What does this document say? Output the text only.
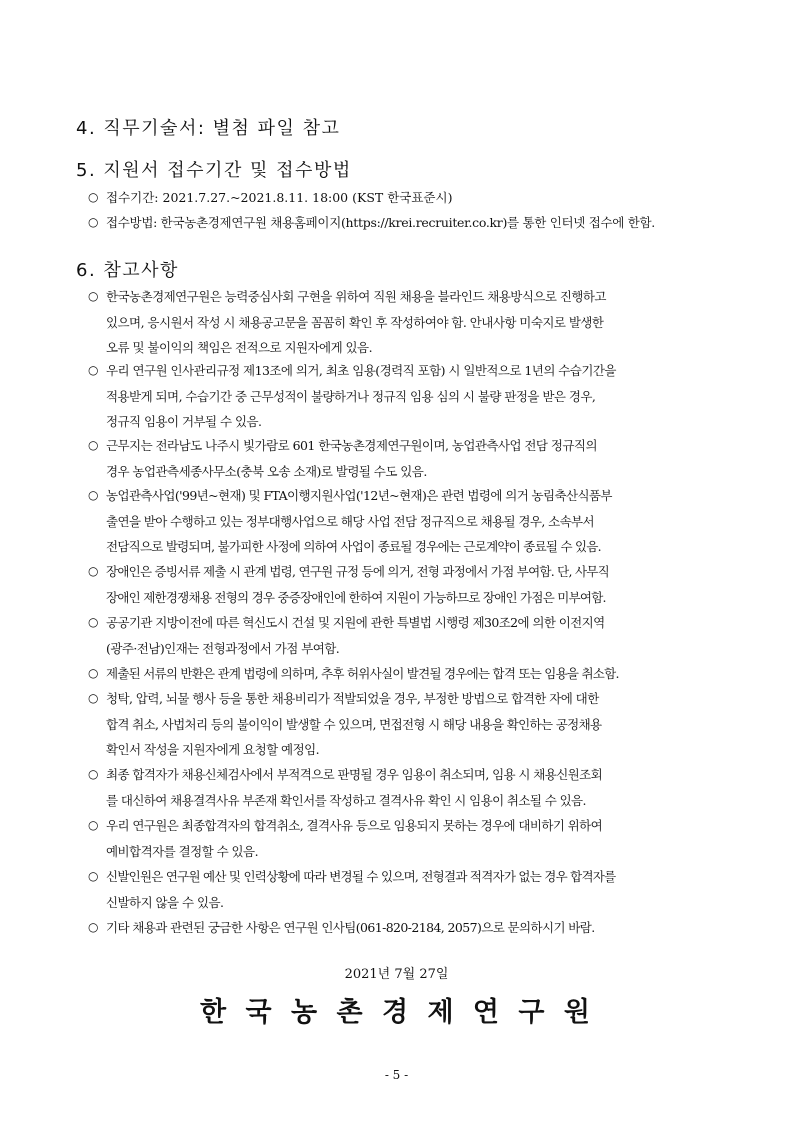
4. 직무기술서: 별첨 파일 참고
5. 지원서 접수기간 및 접수방법
○ 접수기간: 2021.7.27.~2021.8.11. 18:00 (KST 한국표준시)
○ 접수방법: 한국농촌경제연구원 채용홈페이지(https://krei.recruiter.co.kr)를 통한 인터넷 접수에 한함.
6. 참고사항
○ 한국농촌경제연구원은 능력중심사회 구현을 위하여 직원 채용을 블라인드 채용방식으로 진행하고
있으며, 응시원서 작성 시 채용공고문을 꼼꼼히 확인 후 작성하여야 함. 안내사항 미숙지로 발생한
오류 및 불이익의 책임은 전적으로 지원자에게 있음.
○ 우리 연구원 인사관리규정 제13조에 의거, 최초 임용(경력직 포함) 시 일반적으로 1년의 수습기간을
적용받게 되며, 수습기간 중 근무성적이 불량하거나 정규직 임용 심의 시 불량 판정을 받은 경우,
정규직 임용이 거부될 수 있음.
○ 근무지는 전라남도 나주시 빛가람로 601 한국농촌경제연구원이며, 농업관측사업 전담 정규직의
경우 농업관측세종사무소(충북 오송 소재)로 발령될 수도 있음.
○ 농업관측사업('99년~현재) 및 FTA이행지원사업('12년~현재)은 관련 법령에 의거 농림축산식품부
출연을 받아 수행하고 있는 정부대행사업으로 해당 사업 전담 정규직으로 채용될 경우, 소속부서
전담직으로 발령되며, 불가피한 사정에 의하여 사업이 종료될 경우에는 근로계약이 종료될 수 있음.
○ 장애인은 증빙서류 제출 시 관계 법령, 연구원 규정 등에 의거, 전형 과정에서 가점 부여함. 단, 사무직
장애인 제한경쟁채용 전형의 경우 중증장애인에 한하여 지원이 가능하므로 장애인 가점은 미부여함.
○ 공공기관 지방이전에 따른 혁신도시 건설 및 지원에 관한 특별법 시행령 제30조2에 의한 이전지역
(광주·전남)인재는 전형과정에서 가점 부여함.
○ 제출된 서류의 반환은 관계 법령에 의하며, 추후 허위사실이 발견될 경우에는 합격 또는 임용을 취소함.
○ 청탁, 압력, 뇌물 행사 등을 통한 채용비리가 적발되었을 경우, 부정한 방법으로 합격한 자에 대한
합격 취소, 사법처리 등의 불이익이 발생할 수 있으며, 면접전형 시 해당 내용을 확인하는 공정채용
확인서 작성을 지원자에게 요청할 예정임.
○ 최종 합격자가 채용신체검사에서 부적격으로 판명될 경우 임용이 취소되며, 임용 시 채용신원조회
를 대신하여 채용결격사유 부존재 확인서를 작성하고 결격사유 확인 시 임용이 취소될 수 있음.
○ 우리 연구원은 최종합격자의 합격취소, 결격사유 등으로 임용되지 못하는 경우에 대비하기 위하여
예비합격자를 결정할 수 있음.
○ 신발인원은 연구원 예산 및 인력상황에 따라 변경될 수 있으며, 전형결과 적격자가 없는 경우 합격자를
신발하지 않을 수 있음.
○ 기타 채용과 관련된 궁금한 사항은 연구원 인사팀(061-820-2184, 2057)으로 문의하시기 바람.
2021년 7월 27일
한 국 농 촌 경 제 연 구 원
- 5 -
